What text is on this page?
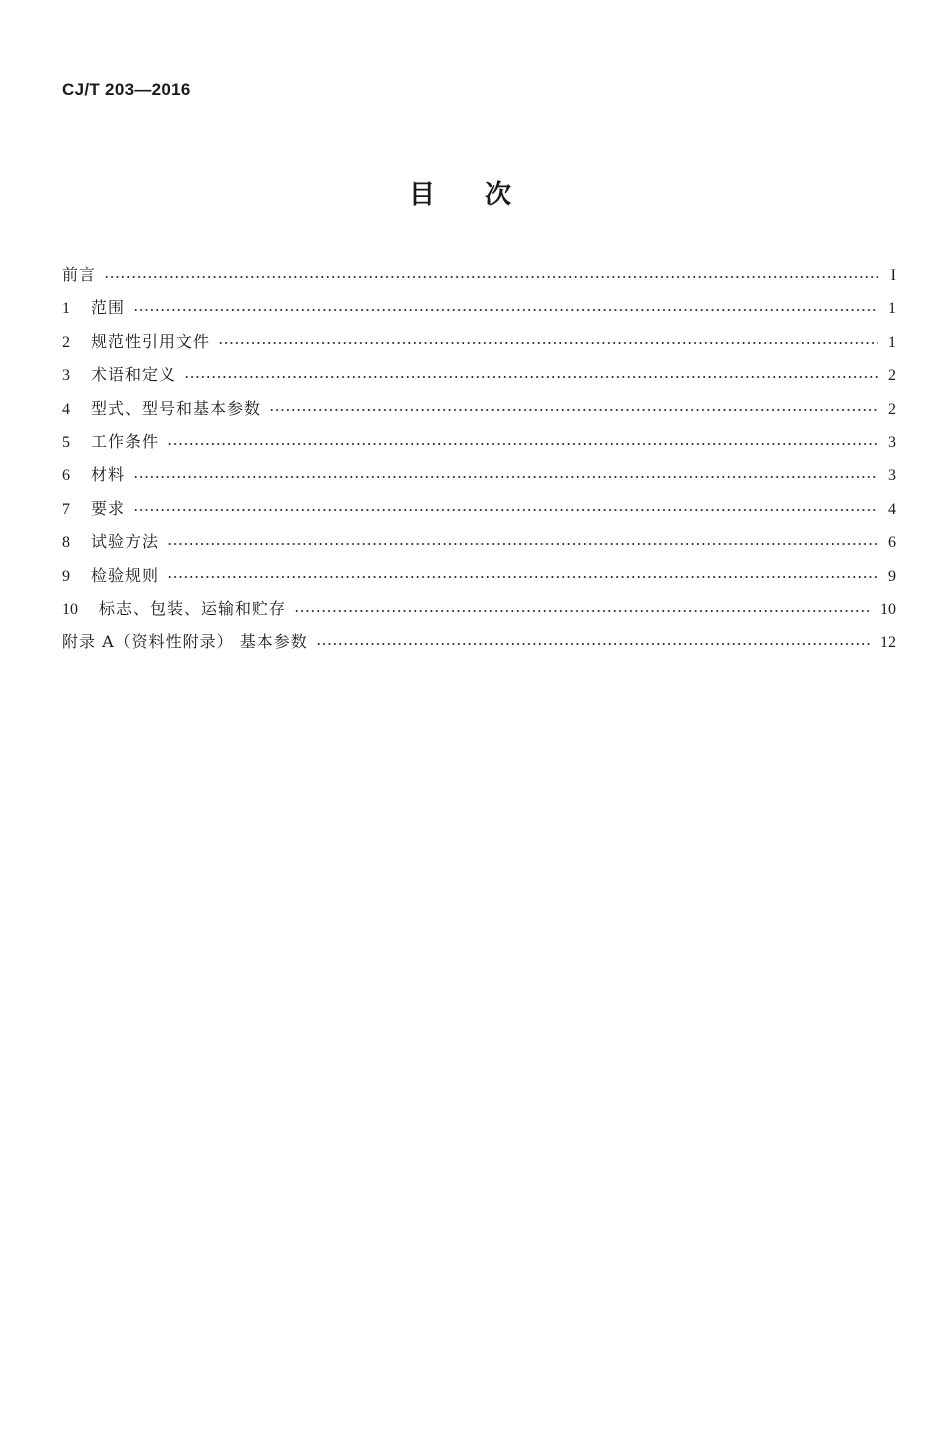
CJ/T 203—2016
目次
前言	I
1	范围	1
2	规范性引用文件	1
3	术语和定义	2
4	型式、型号和基本参数	2
5	工作条件	3
6	材料	3
7	要求	4
8	试验方法	6
9	检验规则	9
10	标志、包装、运输和贮存	10
附录 A（资料性附录） 基本参数	12
